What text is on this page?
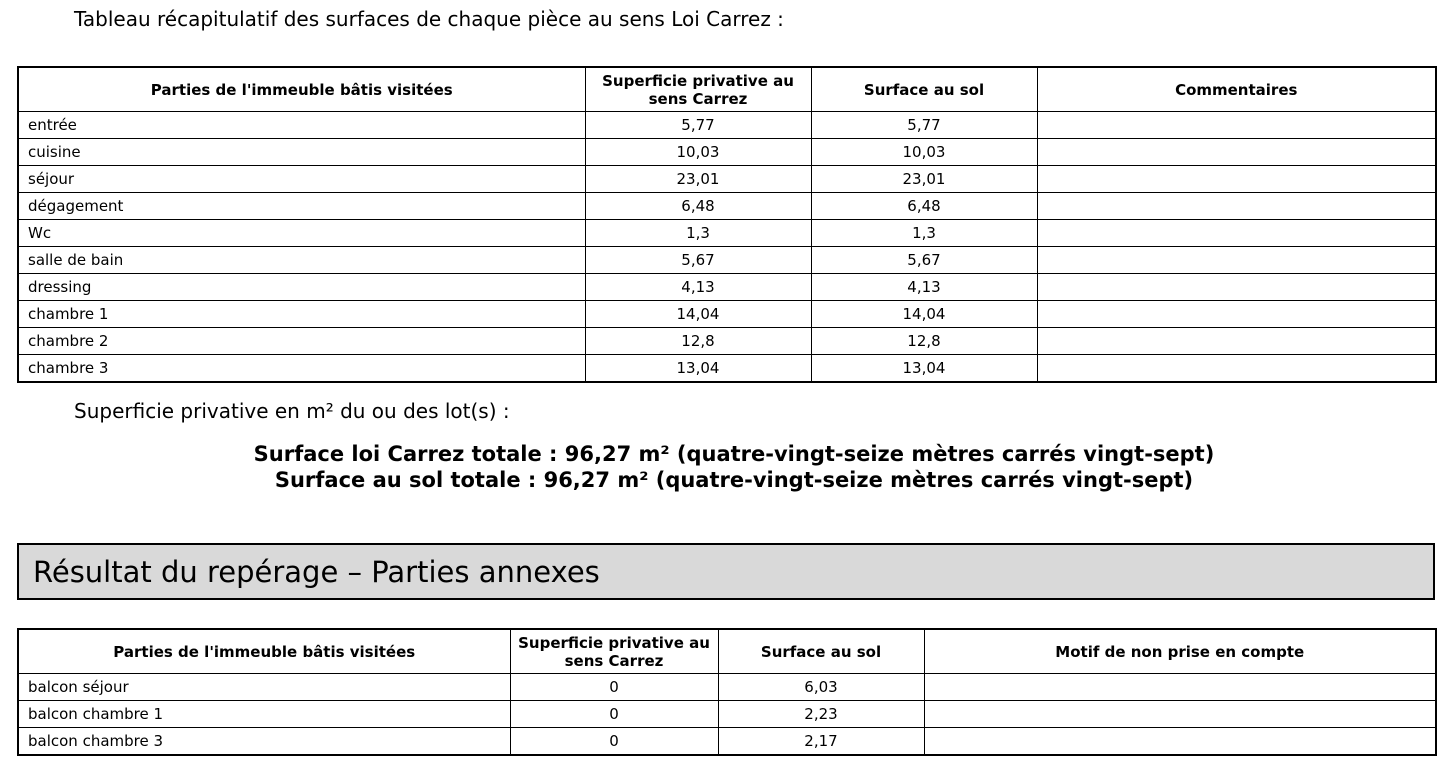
Tableau récapitulatif des surfaces de chaque pièce au sens Loi Carrez :
Parties de l'immeuble bâtis visitées	Superficie privative au sens Carrez	Surface au sol	Commentaires
entrée	5,77	5,77	
cuisine	10,03	10,03	
séjour	23,01	23,01	
dégagement	6,48	6,48	
Wc	1,3	1,3	
salle de bain	5,67	5,67	
dressing	4,13	4,13	
chambre 1	14,04	14,04	
chambre 2	12,8	12,8	
chambre 3	13,04	13,04	
Superficie privative en m² du ou des lot(s) :
Surface loi Carrez totale : 96,27 m² (quatre-vingt-seize mètres carrés vingt-sept)
Surface au sol totale : 96,27 m² (quatre-vingt-seize mètres carrés vingt-sept)
Résultat du repérage – Parties annexes
Parties de l'immeuble bâtis visitées	Superficie privative au sens Carrez	Surface au sol	Motif de non prise en compte
balcon séjour	0	6,03	
balcon chambre 1	0	2,23	
balcon chambre 3	0	2,17	
